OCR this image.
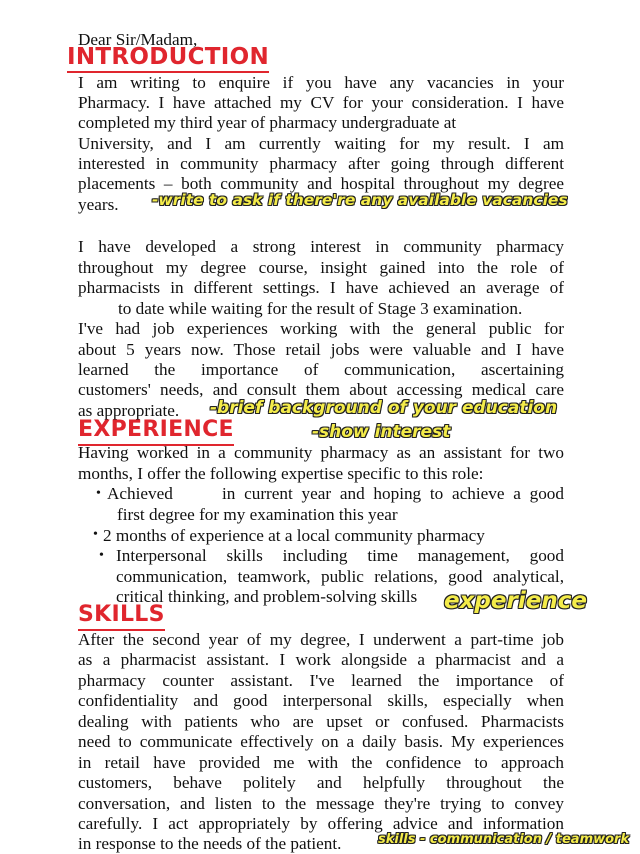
Dear Sir/Madam,
INTRODUCTION
I am writing to enquire if you have any vacancies in your
Pharmacy. I have attached my CV for your consideration. I have
completed my third year of pharmacy undergraduate at
University, and I am currently waiting for my result. I am
interested in community pharmacy after going through different
placements – both community and hospital throughout my degree
years.	-write to ask if there're any available vacancies
I have developed a strong interest in community pharmacy
throughout my degree course, insight gained into the role of
pharmacists in different settings. I have achieved an average of
to date while waiting for the result of Stage 3 examination.
I've had job experiences working with the general public for
about 5 years now. Those retail jobs were valuable and I have
learned the importance of communication, ascertaining
customers' needs, and consult them about accessing medical care
as appropriate.	-brief background of your education
EXPERIENCE	-show interest
Having worked in a community pharmacy as an assistant for two
months, I offer the following expertise specific to this role:
• Achieved	in current year and hoping to achieve a good
first degree for my examination this year
• 2 months of experience at a local community pharmacy
• Interpersonal skills including time management, good
communication, teamwork, public relations, good analytical,
critical thinking, and problem-solving skills	experience
SKILLS
After the second year of my degree, I underwent a part-time job
as a pharmacist assistant. I work alongside a pharmacist and a
pharmacy counter assistant. I've learned the importance of
confidentiality and good interpersonal skills, especially when
dealing with patients who are upset or confused. Pharmacists
need to communicate effectively on a daily basis. My experiences
in retail have provided me with the confidence to approach
customers, behave politely and helpfully throughout the
conversation, and listen to the message they're trying to convey
carefully. I act appropriately by offering advice and information
in response to the needs of the patient.	skills - communication / teamwork
